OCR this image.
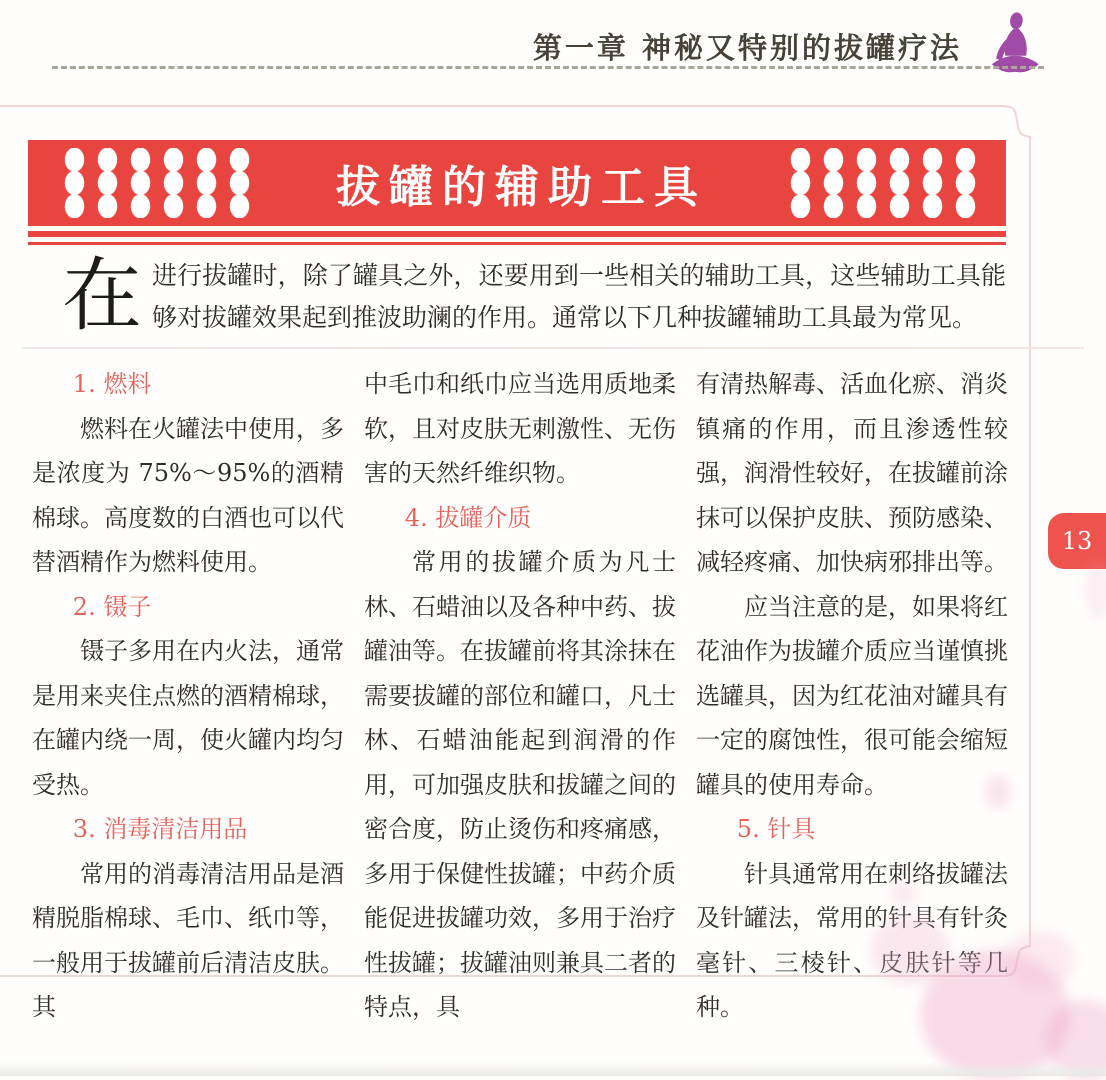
第一章 神秘又特别的拔罐疗法
拔罐的辅助工具
在进行拔罐时，除了罐具之外，还要用到一些相关的辅助工具，这些辅助工具能够对拔罐效果起到推波助澜的作用。通常以下几种拔罐辅助工具最为常见。
1. 燃料

燃料在火罐法中使用，多是浓度为 75%～95%的酒精棉球。高度数的白酒也可以代替酒精作为燃料使用。

2. 镊子

镊子多用在内火法，通常是用来夹住点燃的酒精棉球，在罐内绕一周，使火罐内均匀受热。

3. 消毒清洁用品

常用的消毒清洁用品是酒精脱脂棉球、毛巾、纸巾等，一般用于拔罐前后清洁皮肤。其

中毛巾和纸巾应当选用质地柔软，且对皮肤无刺激性、无伤害的天然纤维织物。

4. 拔罐介质

常用的拔罐介质为凡士林、石蜡油以及各种中药、拔罐油等。在拔罐前将其涂抹在需要拔罐的部位和罐口，凡士林、石蜡油能起到润滑的作用，可加强皮肤和拔罐之间的密合度，防止烫伤和疼痛感，多用于保健性拔罐；中药介质能促进拔罐功效，多用于治疗性拔罐；拔罐油则兼具二者的特点，具

有清热解毒、活血化瘀、消炎镇痛的作用，而且渗透性较强，润滑性较好，在拔罐前涂抹可以保护皮肤、预防感染、减轻疼痛、加快病邪排出等。

应当注意的是，如果将红花油作为拔罐介质应当谨慎挑选罐具，因为红花油对罐具有一定的腐蚀性，很可能会缩短罐具的使用寿命。

5. 针具

针具通常用在刺络拔罐法及针罐法，常用的针具有针灸毫针、三棱针、皮肤针等几种。

13
